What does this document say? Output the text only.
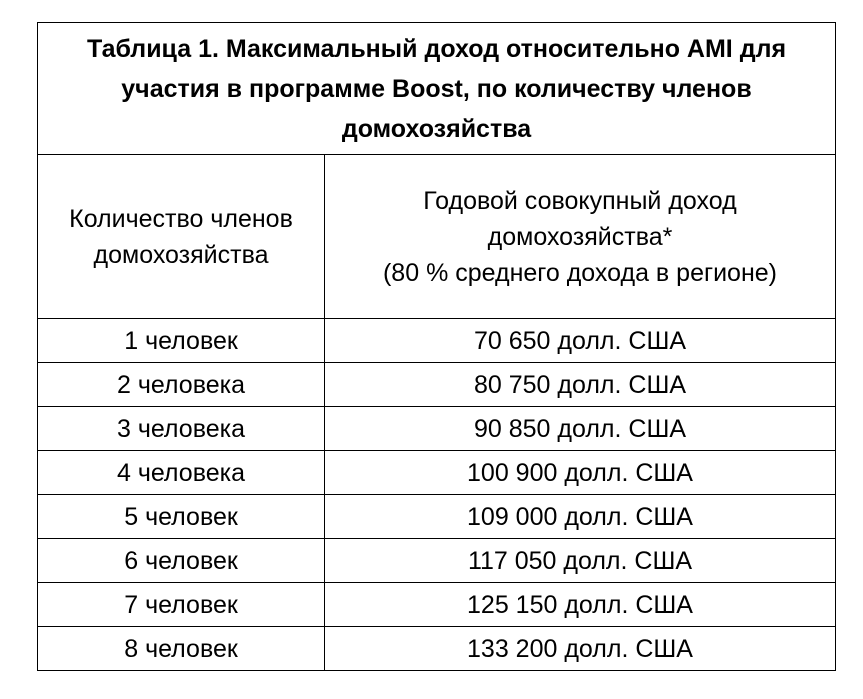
Таблица 1. Максимальный доход относительно AMI для участия в программе Boost, по количеству членов домохозяйства	

Количество членов домохозяйства	Годовой совокупный доход домохозяйства*
(80 % среднего дохода в регионе)

1 человек	70 650 долл. США
2 человека	80 750 долл. США
3 человека	90 850 долл. США
4 человека	100 900 долл. США
5 человек	109 000 долл. США
6 человек	117 050 долл. США
7 человек	125 150 долл. США
8 человек	133 200 долл. США
